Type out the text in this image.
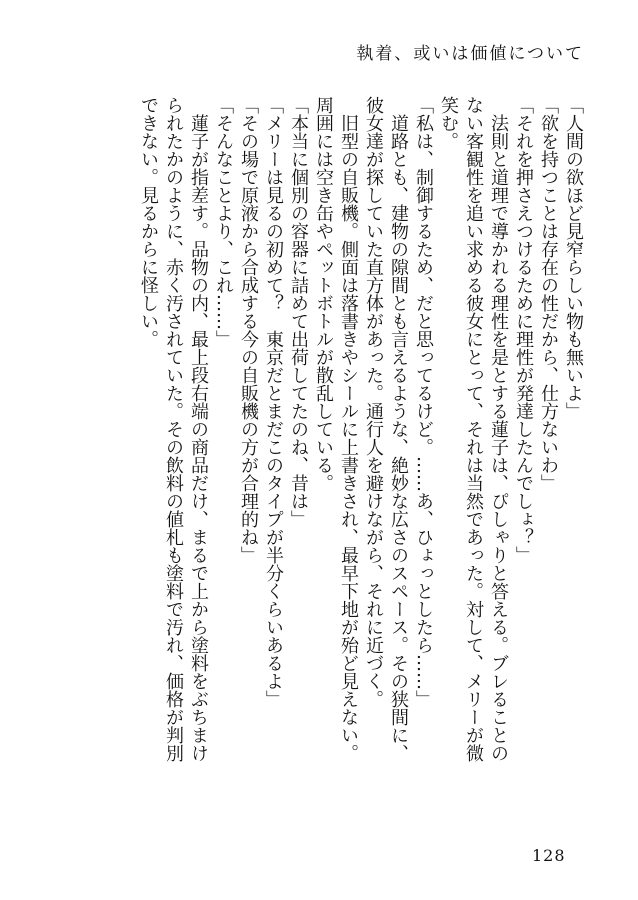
執着、或いは価値について

「人間の欲ほど見窄らしい物も無いよ」

「欲を持つことは存在の性だから、仕方ないわ」

「それを押さえつけるために理性が発達したんでしょ？」

　法則と道理で導かれる理性を是とする蓮子は、ぴしゃりと答える。ブレることのない客観性を追い求める彼女にとって、それは当然であった。対して、メリーが微笑む。

「私は、制御するため、だと思ってるけど。……あ、ひょっとしたら……」

　道路とも、建物の隙間とも言えるような、絶妙な広さのスペース。その狭間に、彼女達が探していた直方体があった。通行人を避けながら、それに近づく。

　旧型の自販機。側面は落書きやシールに上書きされ、最早下地が殆ど見えない。周囲には空き缶やペットボトルが散乱している。

「本当に個別の容器に詰めて出荷してたのね、昔は」

「メリーは見るの初めて？　東京だとまだこのタイプが半分くらいあるよ」

「その場で原液から合成する今の自販機の方が合理的ね」

「そんなことより、これ……」

　蓮子が指差す。品物の内、最上段右端の商品だけ、まるで上から塗料をぶちまけられたかのように、赤く汚されていた。その飲料の値札も塗料で汚れ、価格が判別できない。見るからに怪しい。

128
